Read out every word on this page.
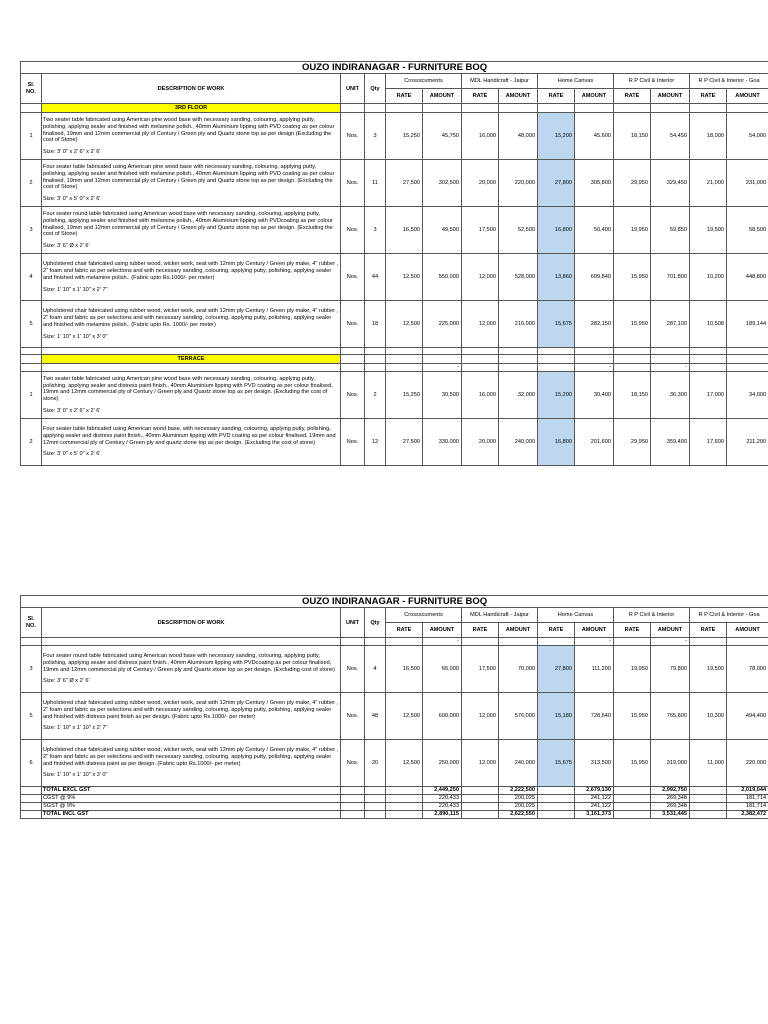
OUZO INDIRANAGAR - FURNITURE BOQ													
Sl. NO.	DESCRIPTION OF WORK	UNIT	Qty	Crossscuments		MDL Handicraft - Jaipur		Home Canvas		R P Civil & Interior		R P Civil & Interior - Goa	
				RATE	AMOUNT	RATE	AMOUNT	RATE	AMOUNT	RATE	AMOUNT	RATE	AMOUNT
	3RD FLOOR												
1	Two seater table fabricated using American pine wood base with necessary sanding, colouring, applying putty, polishing, applying sealer and finished with melamine polish., 40mm Aluminium lipping with PVD coating as per colour finalised, 19mm and 12mm commercial ply of Century / Green ply and Quartz stone top as per design (Excluding the cost of Stone)
Size: 3' 0" x 2' 6" x 2' 6'	Nos.	3	15,250	45,750	16,000	48,000	15,200	45,600	18,150	54,450	18,000	54,000
2	Four seater table fabricated using American pine wood base with necessary sanding, colouring, applying putty, polishing, applying sealer and finished with melamine polish., 40mm Aluminium lipping with PVD coating as per colour finalised, 19mm and 12mm commercial ply of Century / Green ply and Quartz stone top as per design. (Excluding the cost of Stone)
Size: 3' 0" x 5' 0" x 2' 6'	Nos.	11	27,500	302,500	20,000	220,000	27,800	305,800	29,950	329,450	21,000	231,000
3	Four seater round table fabricated using American wood base with necessary sanding, colouring, applying putty, polishing, applying sealer and finished with melamine polish., 40mm Aluminium lipping with PVDcoating as per colour finalised, 19mm and 12mm commercial ply of Century / Green ply and Quartz stone top as per design. (Excluding the cost of Stone)
Size: 3' 6" Ø x 2' 6'	Nos.	3	16,500	49,500	17,500	52,500	16,800	50,400	19,950	59,850	19,500	58,500
4	Upholstered chair fabricated using rubber wood, wicker work, seat with 12mm ply Century / Green ply make, 4" rubber , 2" foam and fabric as per selections and with necessary sanding, colouring, applying putty, polishing, applying sealer and finished with melamine polish.. (Fabric upto Rs.1000/- per meter)
Size: 1' 10" x 1' 10" x 2' 7"	Nos.	44	12,500	550,000	12,000	528,000	13,860	609,840	15,950	701,800	10,200	448,800
5	Upholstered chair fabricated using rubber wood, wicker work, seat with 12mm ply Century / Green ply make, 4" rubber , 2" foam and fabric as per selections and with necessary sanding, colouring, applying putty, polishing, applying sealer and finished with melamine polish.. (Fabric upto Rs. 1000/- per meter)
Size: 1' 10" x 1' 10" x 3' 0"	Nos.	18	12,500	225,000	12,000	216,000	15,675	282,150	15,950	287,100	10,508	189,144

	TERRACE												
					-				-		-		
1	Two seater table fabricated using American pine wood base with necessary sanding, colouring, applying putty, polishing, applying sealer and distress paint finish., 40mm Aluminium lipping with PVD coating as per colour finalised, 19mm and 12mm commercial ply of Century / Green ply and Quartz stone top as per design. (Excluding the cost of stone)
Size: 3' 0" x 2' 6" x 2' 6'	Nos.	2	15,250	30,500	16,000	32,000	15,200	30,400	18,150	36,300	17,000	34,000
2	Four seater table fabricated using American wood base, with necessary sanding, colouring, applying putty, polishing, applying sealer and distress paint finish., 40mm Aluminium lipping with PVD coating as per colour finalised, 19mm and 12mm commercial ply of Century / Green ply and quartz stone top as per design. (Excluding the cost of stone)
Size: 3' 0" x 5' 0" x 2' 6'	Nos.	12	27,500	330,000	20,000	240,000	16,800	201,600	29,950	359,400	17,600	211,200
OUZO INDIRANAGAR - FURNITURE BOQ													
Sl. NO.	DESCRIPTION OF WORK	UNIT	Qty	Crossscuments		MDL Handicraft - Jaipur		Home Canvas		R P Civil & Interior		R P Civil & Interior - Goa	
				RATE	AMOUNT	RATE	AMOUNT	RATE	AMOUNT	RATE	AMOUNT	RATE	AMOUNT
					-				-		-		
3	Four seater round table fabricated using American wood base with necessary sanding, colouring, applying putty, polishing, applying sealer and distress paint finish., 40mm Aluminium lipping with PVDcoating as per colour finalised, 19mm and 12mm commercial ply of Century / Green ply and Quartz stone top as per design. (Excluding cost of stone)
Size: 3' 6" Ø x 2' 6'	Nos.	4	16,500	66,000	17,500	70,000	27,800	111,200	19,950	79,800	19,500	78,000
5	Upholstered chair fabricated using rubber wood, wicker work, seat with 12mm ply Century / Green ply make, 4" rubber , 2" foam and fabric as per selections and with necessary sanding, colouring, applying putty, polishing, applying sealer and finished with distress paint finish as per design. (Fabric upto Rs.1000/- per meter)
Size: 1' 10" x 1' 10" x 2' 7"	Nos.	48	12,500	600,000	12,000	576,000	15,180	728,640	15,950	765,600	10,300	494,400
6	Upholstered chair fabricated using rubber wood, wicker work, seat with 12mm ply Century / Green ply make, 4" rubber , 2" foam and fabric as per selections and with necessary sanding, colouring, applying putty, polishing, applying sealer and finished with distress paint as per design. (Fabric upto Rs.1000/- per meter)
Size: 1' 10" x 1' 10" x 3' 0"	Nos.	20	12,500	250,000	12,000	240,000	15,675	313,500	15,950	319,000	11,000	220,000
	TOTAL EXCL GST				2,449,250		2,222,500		2,679,130		2,992,750		2,019,044
	CGST @ 9%				220,433		200,025		241,122		269,348		181,714
	SGST @ 9%				220,433		200,025		241,122		269,348		181,714
	TOTAL INCL GST				2,890,115		2,622,550		3,161,373		3,531,445		2,382,472
